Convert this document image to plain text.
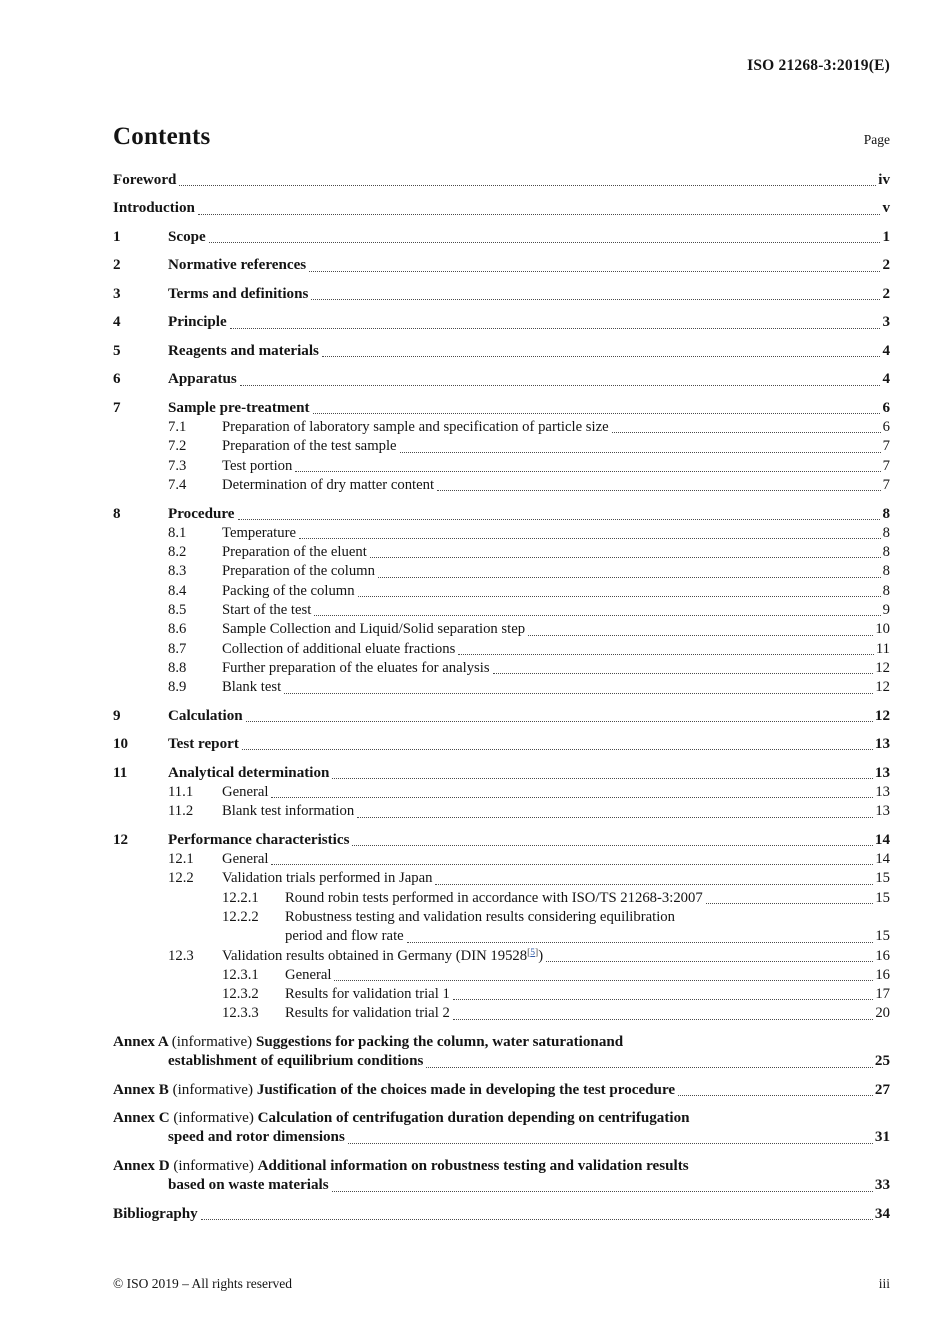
ISO 21268-3:2019(E)
Contents	Page
Foreword	iv
Introduction	v
1	Scope	1
2	Normative references	2
3	Terms and definitions	2
4	Principle	3
5	Reagents and materials	4
6	Apparatus	4
7	Sample pre-treatment	6
7.1	Preparation of laboratory sample and specification of particle size	6
7.2	Preparation of the test sample	7
7.3	Test portion	7
7.4	Determination of dry matter content	7
8	Procedure	8
8.1	Temperature	8
8.2	Preparation of the eluent	8
8.3	Preparation of the column	8
8.4	Packing of the column	8
8.5	Start of the test	9
8.6	Sample Collection and Liquid/Solid separation step	10
8.7	Collection of additional eluate fractions	11
8.8	Further preparation of the eluates for analysis	12
8.9	Blank test	12
9	Calculation	12
10	Test report	13
11	Analytical determination	13
11.1	General	13
11.2	Blank test information	13
12	Performance characteristics	14
12.1	General	14
12.2	Validation trials performed in Japan	15
12.2.1	Round robin tests performed in accordance with ISO/TS 21268-3:2007	15
12.2.2	Robustness testing and validation results considering equilibration
period and flow rate	15
12.3	Validation results obtained in Germany (DIN 19528[5])	16
12.3.1	General	16
12.3.2	Results for validation trial 1	17
12.3.3	Results for validation trial 2	20
Annex A (informative) Suggestions for packing the column, water saturationand
establishment of equilibrium conditions	25
Annex B (informative) Justification of the choices made in developing the test procedure	27
Annex C (informative) Calculation of centrifugation duration depending on centrifugation
speed and rotor dimensions	31
Annex D (informative) Additional information on robustness testing and validation results
based on waste materials	33
Bibliography	34
© ISO 2019 – All rights reserved	iii
